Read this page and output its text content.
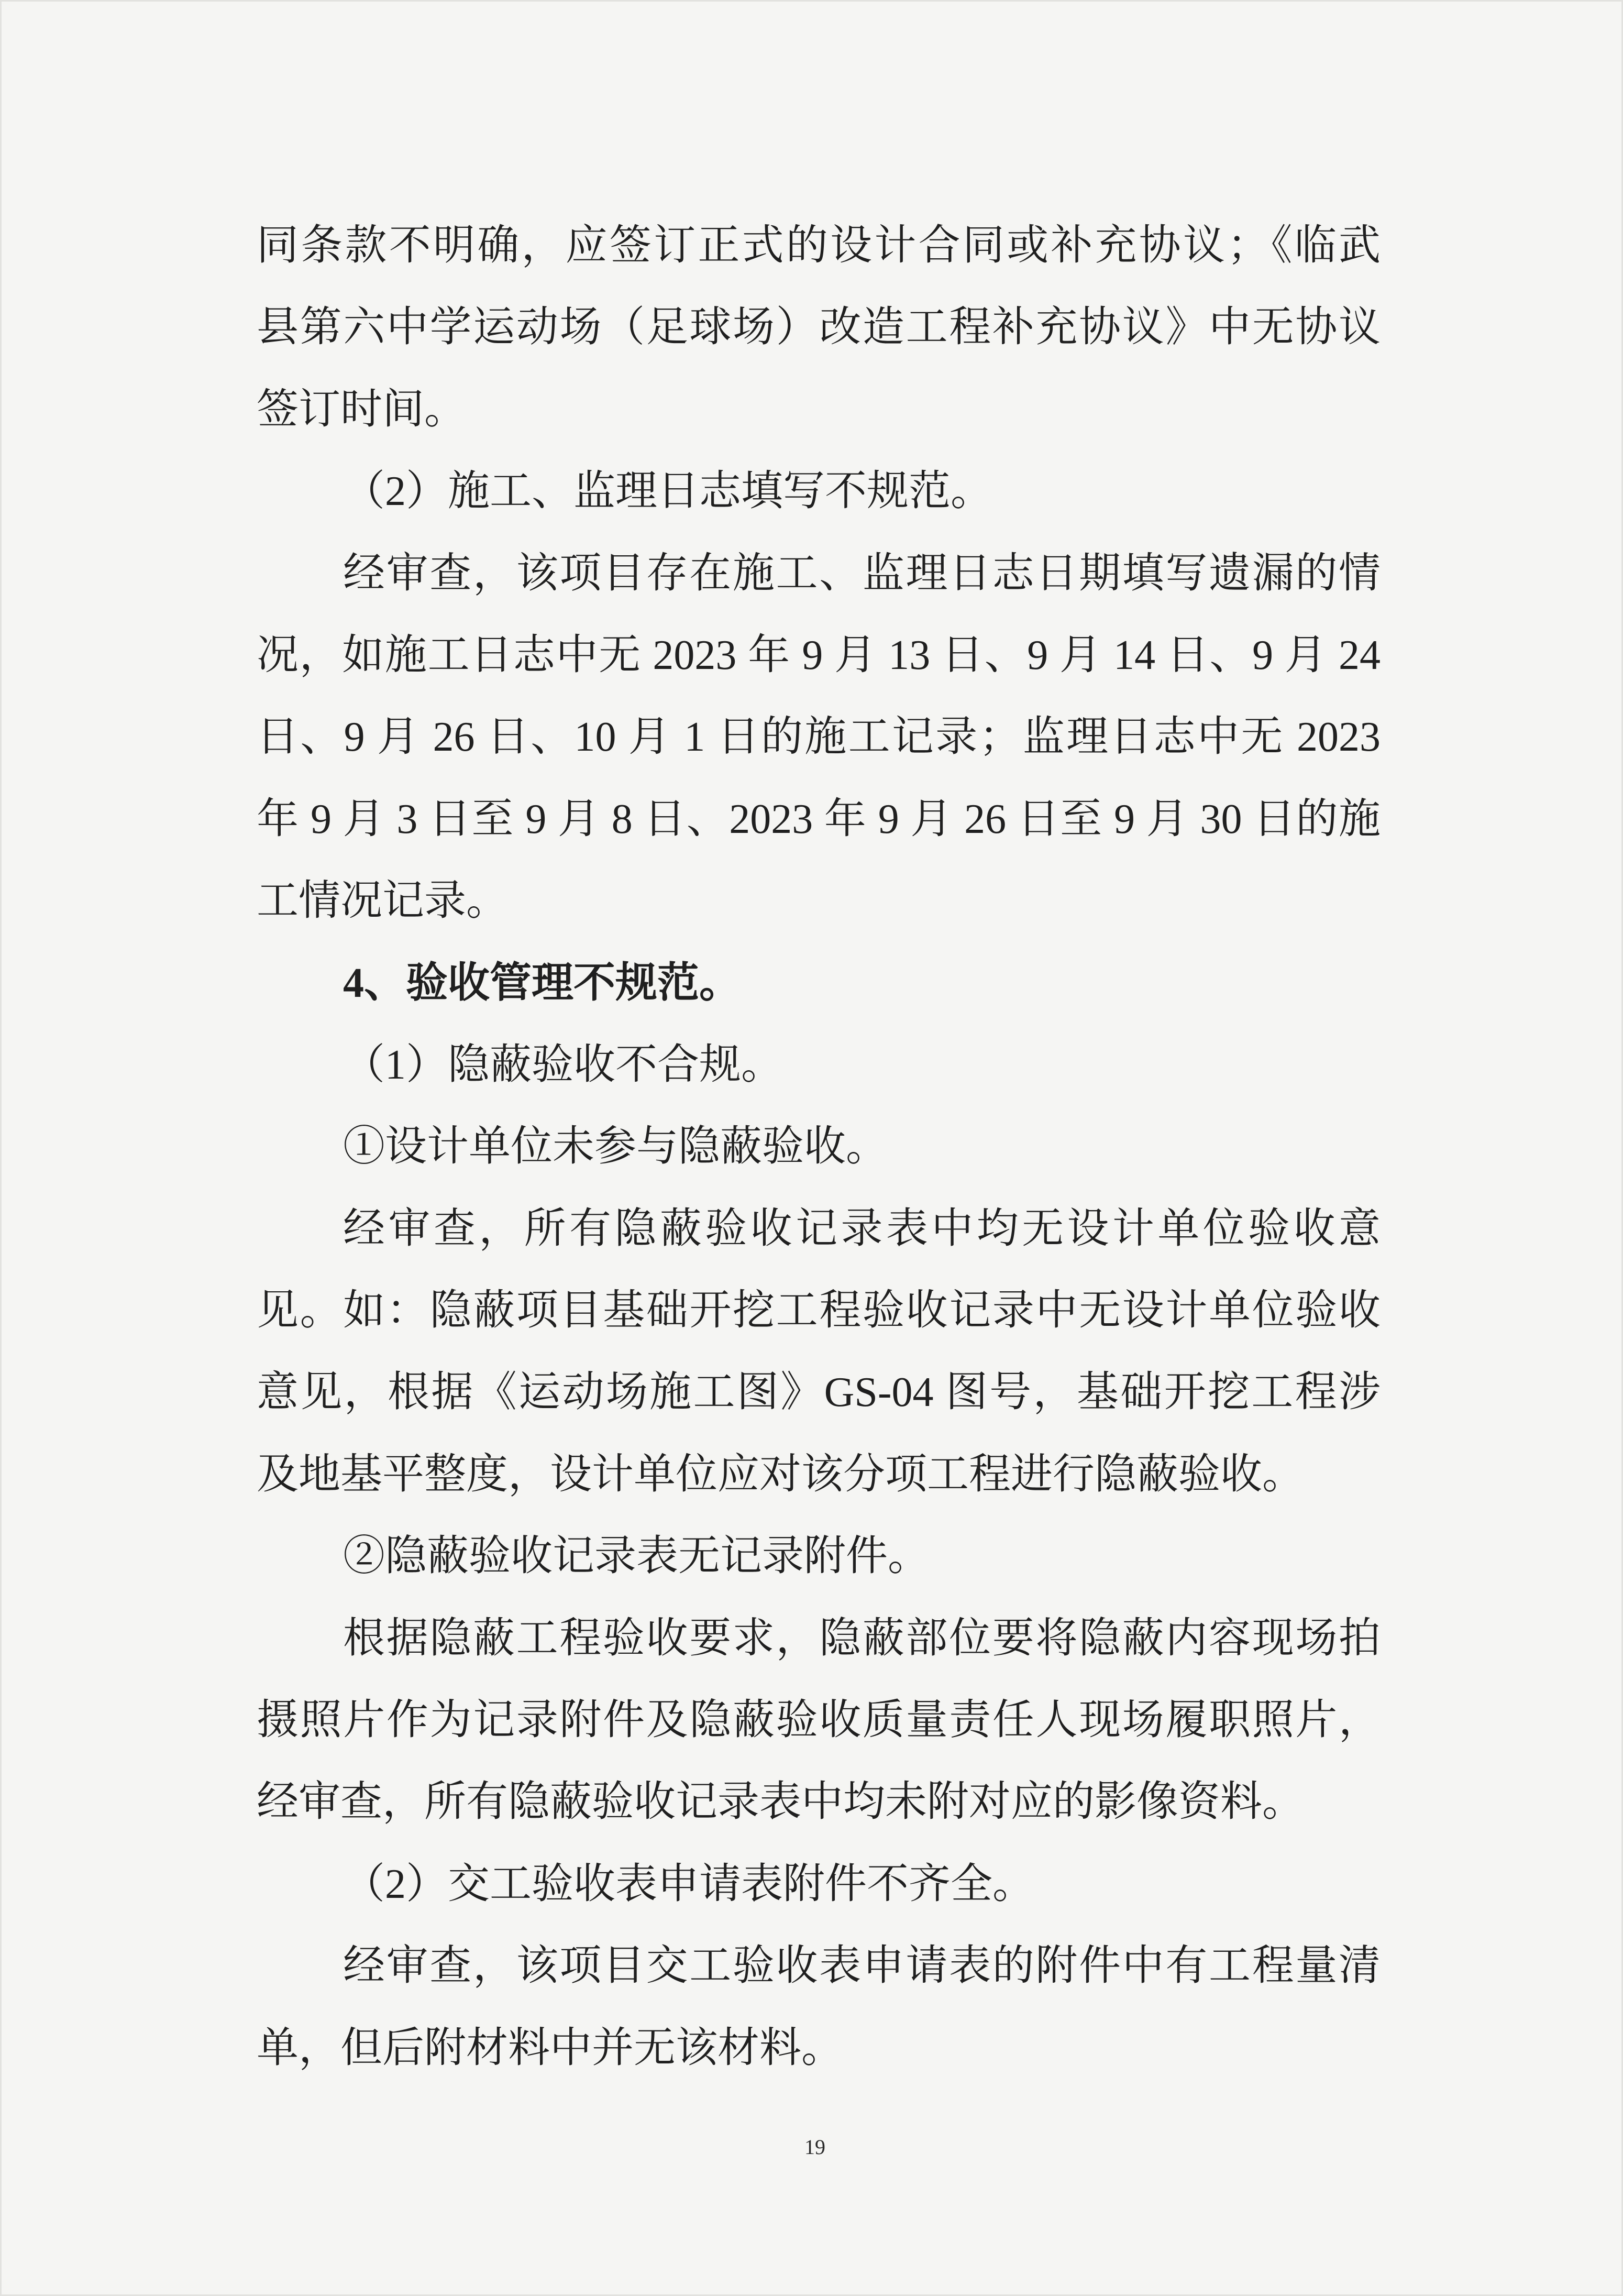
同条款不明确，应签订正式的设计合同或补充协议；《临武
县第六中学运动场（足球场）改造工程补充协议》中无协议
签订时间。
（2）施工、监理日志填写不规范。
经审查，该项目存在施工、监理日志日期填写遗漏的情
况，如施工日志中无 2023 年 9 月 13 日、9 月 14 日、9 月 24
日、9 月 26 日、10 月 1 日的施工记录；监理日志中无 2023
年 9 月 3 日至 9 月 8 日、2023 年 9 月 26 日至 9 月 30 日的施
工情况记录。
4、验收管理不规范。
（1）隐蔽验收不合规。
①设计单位未参与隐蔽验收。
经审查，所有隐蔽验收记录表中均无设计单位验收意
见。如：隐蔽项目基础开挖工程验收记录中无设计单位验收
意见，根据《运动场施工图》GS-04 图号，基础开挖工程涉
及地基平整度，设计单位应对该分项工程进行隐蔽验收。
②隐蔽验收记录表无记录附件。
根据隐蔽工程验收要求，隐蔽部位要将隐蔽内容现场拍
摄照片作为记录附件及隐蔽验收质量责任人现场履职照片，
经审查，所有隐蔽验收记录表中均未附对应的影像资料。
（2）交工验收表申请表附件不齐全。
经审查，该项目交工验收表申请表的附件中有工程量清
单，但后附材料中并无该材料。
19
